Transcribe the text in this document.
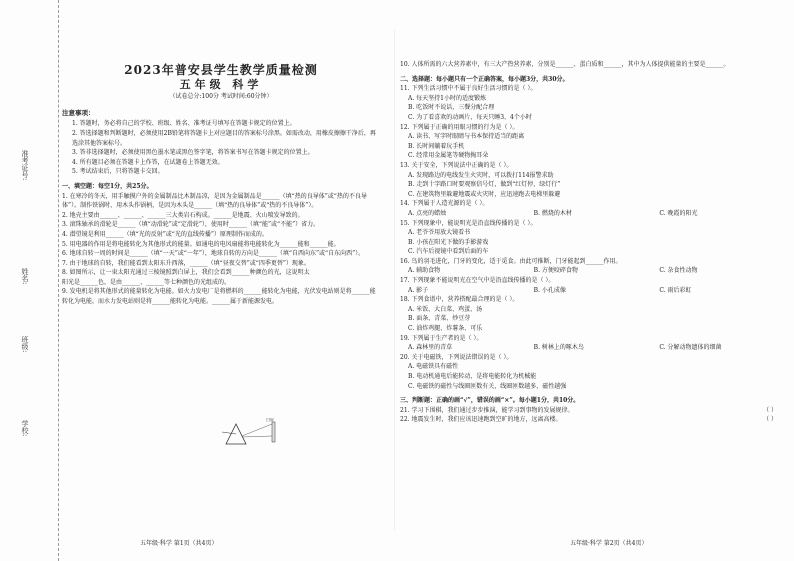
准考证号:
姓名:
班级:
学校:
2023年普安县学生教学质量检测
五年级 科学
（试卷总分:100分 考试时间:60分钟）
注意事项：
1. 答题时，务必将自己的学校、班级、姓名、准考证号填写在答题卡规定的位置上。
2. 答选择题和判断题时，必须使用2B铅笔将答题卡上对应题目的答案标号涂黑。如需改动，用橡皮擦擦干净后，再选涂其他答案标号。
3. 答非选择题时，必须使用黑色墨水笔或黑色签字笔，将答案书写在答题卡规定的位置上。
4. 所有题目必须在答题卡上作答，在试题卷上答题无效。
5. 考试结束后，只将答题卡交回。
一、填空题：每空1分，共25分。
1. 在寒冷的冬天，用手触摸户外的金属制品比木制品凉，是因为金属制品是______（填“热的良导体”或“热的不良导体”）。制作铁锅时，用木头作锅柄，是因为木头是______（填“热的良导体”或“热的不良导体”）。
2. 地壳主要由______、______、______三大类岩石构成。______是地震、火山喷发导致的。
3. 滚珠轴承的滑轮是______（填“动滑轮”或“定滑轮”），使用时______（填“能”或“不能”）省力。
4. 潜望镜是利用______（填“光的反射”或“光的直线传播”）原理制作而成的。
5. 用电器的作用是将电能转化为其他形式的能量。如通电的电风扇能将电能转化为______能和______能。
6. 地球自转一周的时间是______（填“一天”或“一年”），地球自转的方向是______（填“自西向东”或“自东向西”）。
7. 由于地球的自转，我们能看到太阳东升西落，______（填“昼夜交替”或“四季更替”）现象。
8. 如图所示，让一束太阳光通过三棱镜照到白屏上，我们会看到______种颜色的光，这说明太阳光是______色，是由______、______等七种颜色的光组成的。
9. 发电机是将其他形式的能量转化为电能。如火力发电厂是将燃料的______能转化为电能，光伏发电站则是将______能转化为电能，而水力发电站则是将______能转化为电能。______属于新能源发电。
白屏
10. 人体所需的六大营养素中，有三大产热营养素，分别是______、蛋白质和______，其中为人体提供能量的主要是______。
二、选择题：每小题只有一个正确答案，每小题3分，共30分。
11. 下列生活习惯中不属于良好生活习惯的是（ ）。
A. 每天坚持1小时的适度锻炼
B. 吃饭时不说话，三餐分配合理
C. 为了看喜欢的动画片，每天只睡3、4个小时
12. 下列属于正确的用眼习惯的行为是（ ）。
A. 读书、写字时眼睛与书本保持适当的距离
B. 长时间躺着玩手机
C. 经常用金属笔等硬物掏耳朵
13. 关于安全，下列说法中正确的是（ ）。
A. 发现路边的电线发生火灾时，可以拨打114报警求助
B. 走到十字路口时要观察信号灯，做到“红灯停，绿灯行”
C. 在建筑物里躲避地震或火灾时，应迅速跑去电梯里躲避
14. 下列属于人造光源的是（ ）。
A. 点亮的蜡烛	B. 燃烧的木材	C. 晚霞的阳光
15. 下列现象中，能说明光是沿直线传播的是（ ）。
A. 老爷爷用放大镜看书
B. 小孩在阳光下做的手影游戏
C. 汽车后视镜中看到后面的车
16. 鸟的羽毛进化，门牙的变化，适于觅食。由此可推断，门牙能起到______作用。
A. 辅助食物	B. 方便咬碎食物	C. 杂食性动物
17. 下列现象不能说明光在空气中是沿直线传播的是（ ）。
A. 影子	B. 小孔成像	C. 雨后彩虹
18. 下列食谱中，营养搭配最合理的是（ ）。
A. 米饭、大白菜、鸡蛋、汤
B. 面条、青菜、炒豆芽
C. 油炸鸡腿、炸薯条、可乐
19. 下列属于生产者的是（ ）。
A. 森林里的青草	B. 树林上的啄木鸟	C. 分解动物遗体的细菌
20. 关于电磁铁，下列说法错误的是（ ）。
A. 电磁铁具有磁性
B. 电动机通电后能转动，是将电能转化为机械能
C. 电磁铁的磁性与线圈匝数有关，线圈匝数越多，磁性越强
三、判断题：正确的画“√”，错误的画“×”。每小题1分，共10分。
21. 学习下围棋，我们通过步步推演，能学习到事物的发展规律。	（ ）
22. 地震发生时，我们应该迅速跑到空旷的地方，远离高楼。	（ ）
五年级·科学 第1页（共4页）	五年级·科学 第2页（共4页）
